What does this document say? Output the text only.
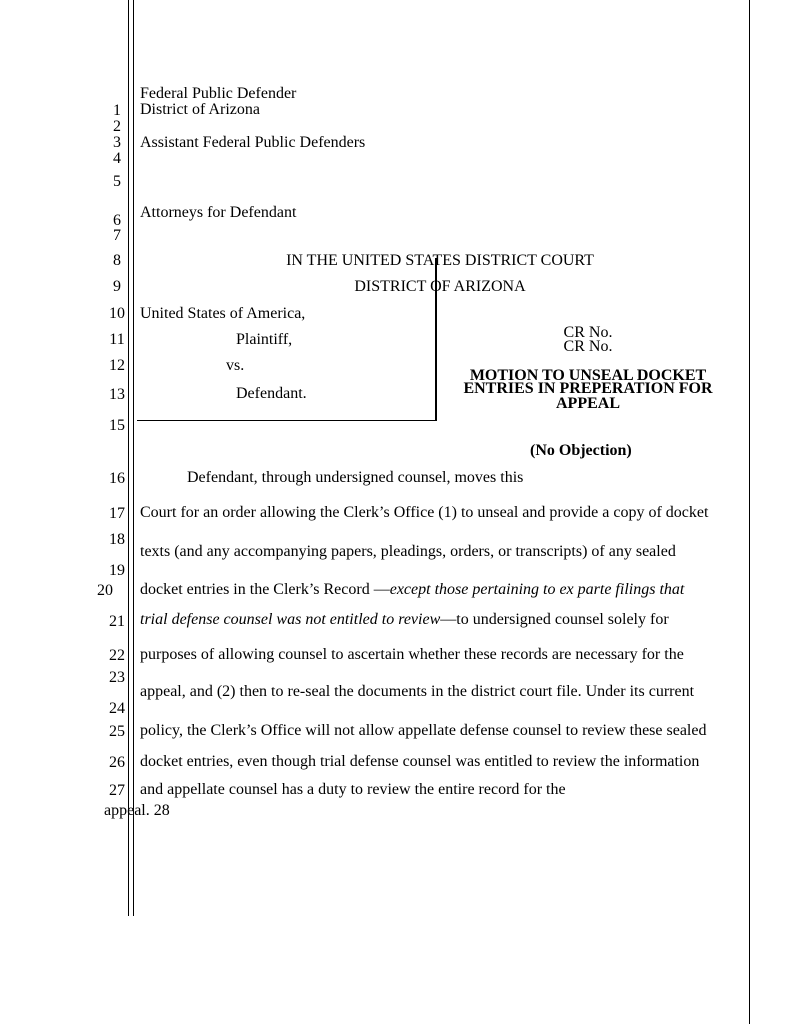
1
2
3
4
5
6
7
8
9
10
11
12
13
15
16
17
18
19
20
21
22
23
24
25
26
27
Federal Public Defender
District of Arizona
Assistant Federal Public Defenders
Attorneys for Defendant
IN THE UNITED STATES DISTRICT COURT
DISTRICT OF ARIZONA
United States of America,
Plaintiff,
vs.
Defendant.
CR No.
CR No.
MOTION TO UNSEAL DOCKET
ENTRIES IN PREPERATION FOR
APPEAL
(No Objection)
Defendant, through undersigned counsel, moves this
Court for an order allowing the Clerk’s Office (1) to unseal and provide a copy of docket
texts (and any accompanying papers, pleadings, orders, or transcripts) of any sealed
docket entries in the Clerk’s Record —except those pertaining to ex parte filings that
trial defense counsel was not entitled to review—to undersigned counsel solely for
purposes of allowing counsel to ascertain whether these records are necessary for the
appeal, and (2) then to re-seal the documents in the district court file. Under its current
policy, the Clerk’s Office will not allow appellate defense counsel to review these sealed
docket entries, even though trial defense counsel was entitled to review the information
and appellate counsel has a duty to review the entire record for the
appeal. 28
